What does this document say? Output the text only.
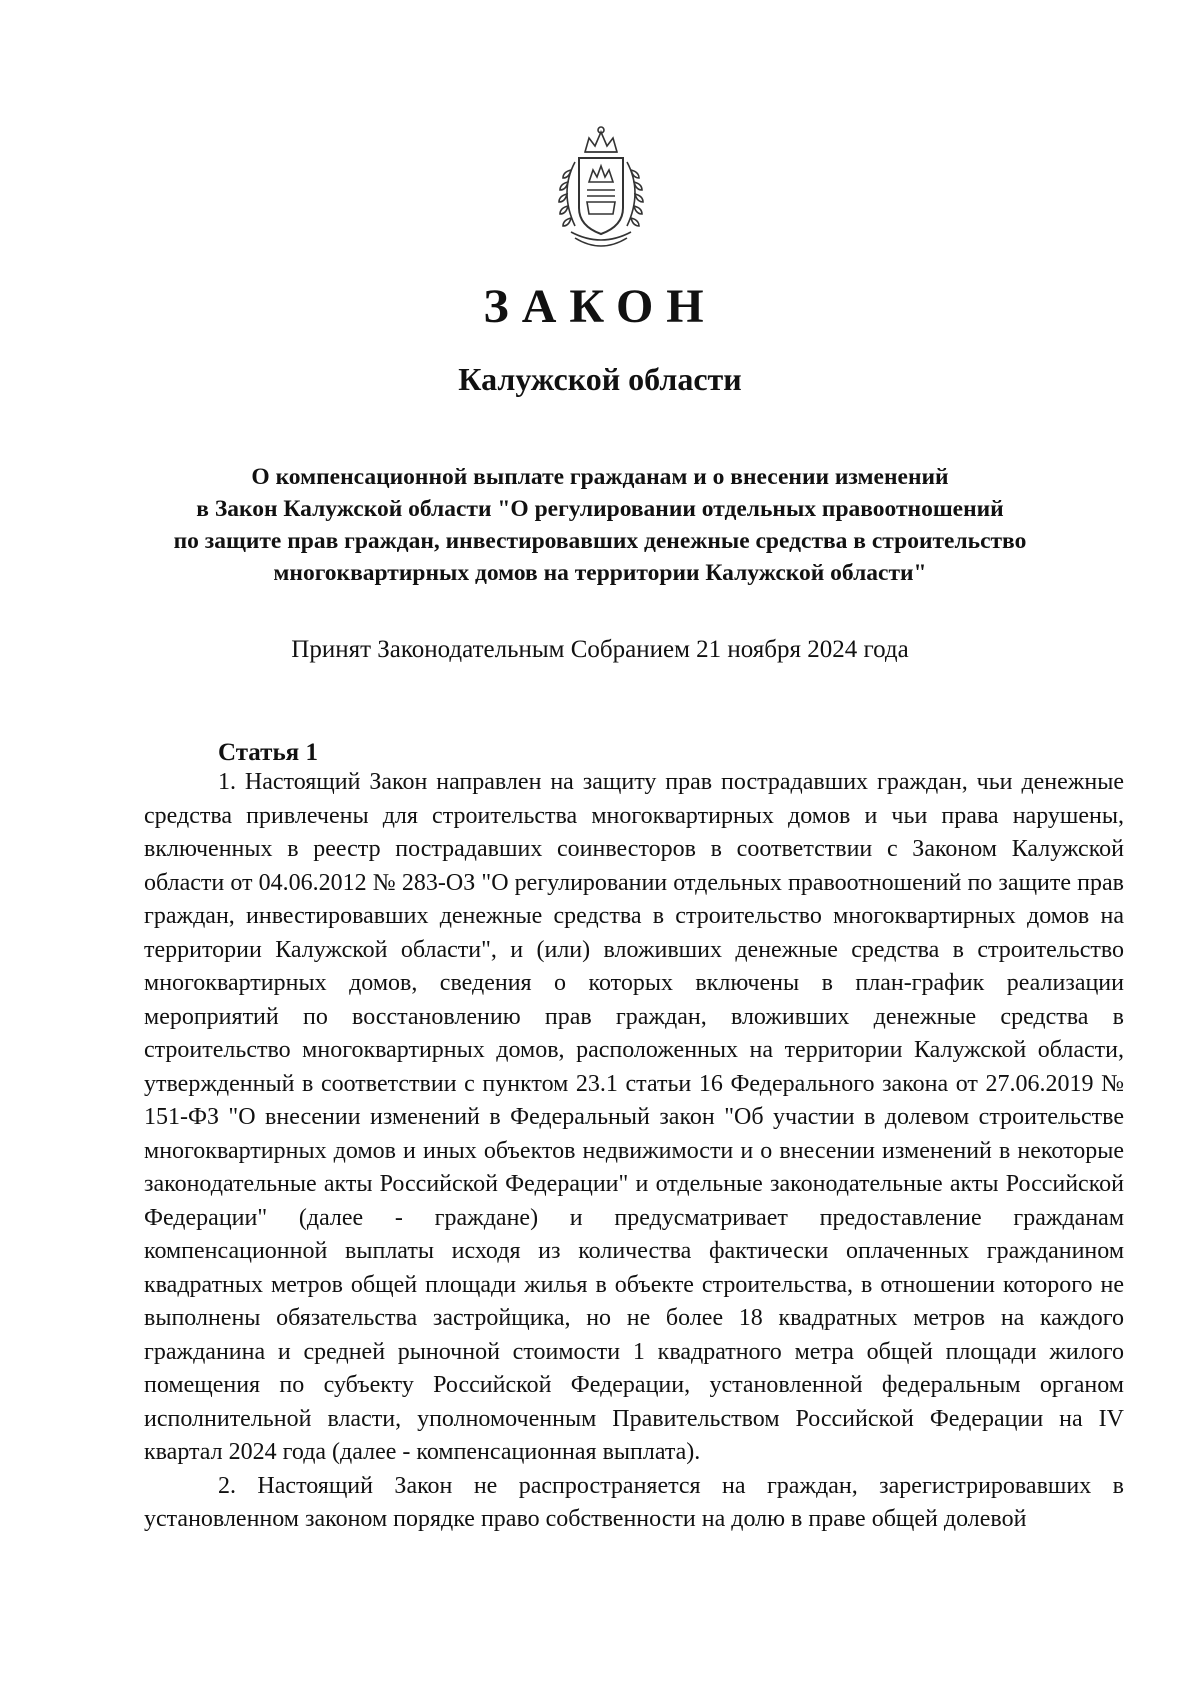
ЗАКОН
Калужской области
О компенсационной выплате гражданам и о внесении изменений
в Закон Калужской области "О регулировании отдельных правоотношений
по защите прав граждан, инвестировавших денежные средства в строительство
многоквартирных домов на территории Калужской области"
Принят Законодательным Собранием 21 ноября 2024 года
Статья 1

1. Настоящий Закон направлен на защиту прав пострадавших граждан, чьи денежные средства привлечены для строительства многоквартирных домов и чьи права нарушены, включенных в реестр пострадавших соинвесторов в соответствии с Законом Калужской области от 04.06.2012 № 283-ОЗ "О регулировании отдельных правоотношений по защите прав граждан, инвестировавших денежные средства в строительство многоквартирных домов на территории Калужской области", и (или) вложивших денежные средства в строительство многоквартирных домов, сведения о которых включены в план-график реализации мероприятий по восстановлению прав граждан, вложивших денежные средства в строительство многоквартирных домов, расположенных на территории Калужской области, утвержденный в соответствии с пунктом 23.1 статьи 16 Федерального закона от 27.06.2019 № 151-ФЗ "О внесении изменений в Федеральный закон "Об участии в долевом строительстве многоквартирных домов и иных объектов недвижимости и о внесении изменений в некоторые законодательные акты Российской Федерации" и отдельные законодательные акты Российской Федерации" (далее - граждане) и предусматривает предоставление гражданам компенсационной выплаты исходя из количества фактически оплаченных гражданином квадратных метров общей площади жилья в объекте строительства, в отношении которого не выполнены обязательства застройщика, но не более 18 квадратных метров на каждого гражданина и средней рыночной стоимости 1 квадратного метра общей площади жилого помещения по субъекту Российской Федерации, установленной федеральным органом исполнительной власти, уполномоченным Правительством Российской Федерации на IV квартал 2024 года (далее - компенсационная выплата).

2. Настоящий Закон не распространяется на граждан, зарегистрировавших в установленном законом порядке право собственности на долю в праве общей долевой
